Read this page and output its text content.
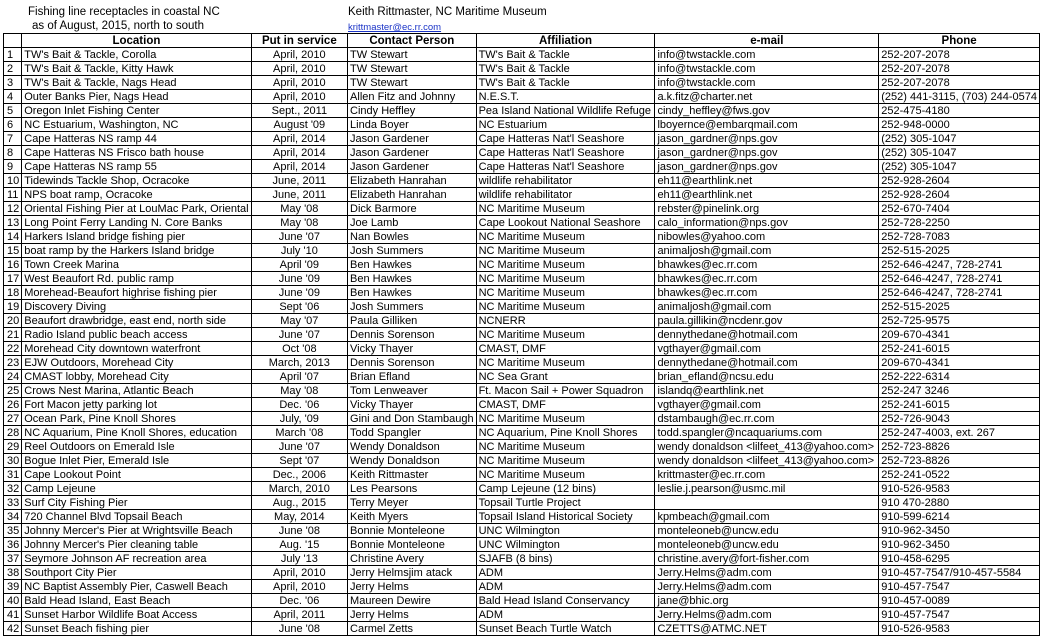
Fishing line receptacles in coastal NC
as of August, 2015, north to south
Keith Rittmaster, NC Maritime Museum
krittmaster@ec.rr.com
	Location	Put in service	Contact Person	Affiliation	e-mail	Phone
1	TW's Bait & Tackle, Corolla	April, 2010	TW Stewart	TW's Bait & Tackle	info@twstackle.com	252-207-2078
2	TW's Bait & Tackle, Kitty Hawk	April, 2010	TW Stewart	TW's Bait & Tackle	info@twstackle.com	252-207-2078
3	TW's Bait & Tackle, Nags Head	April, 2010	TW Stewart	TW's Bait & Tackle	info@twstackle.com	252-207-2078
4	Outer Banks Pier, Nags Head	April, 2010	Allen Fitz and Johnny	N.E.S.T.	a.k.fitz@charter.net	(252) 441-3115, (703) 244-0574
5	Oregon Inlet Fishing Center	Sept., 2011	Cindy Heffley	Pea Island National Wildlife Refuge	cindy_heffley@fws.gov	252-475-4180
6	NC Estuarium, Washington, NC	August '09	Linda Boyer	NC Estuarium	lboyernce@embarqmail.com	252-948-0000
7	Cape Hatteras NS ramp 44	April, 2014	Jason Gardener	Cape Hatteras Nat'l Seashore	jason_gardner@nps.gov	(252) 305-1047
8	Cape Hatteras NS Frisco bath house	April, 2014	Jason Gardener	Cape Hatteras Nat'l Seashore	jason_gardner@nps.gov	(252) 305-1047
9	Cape Hatteras NS ramp 55	April, 2014	Jason Gardener	Cape Hatteras Nat'l Seashore	jason_gardner@nps.gov	(252) 305-1047
10	Tidewinds Tackle Shop, Ocracoke	June, 2011	Elizabeth Hanrahan	wildlife rehabilitator	eh11@earthlink.net	252-928-2604
11	NPS boat ramp, Ocracoke	June, 2011	Elizabeth Hanrahan	wildlife rehabilitator	eh11@earthlink.net	252-928-2604
12	Oriental Fishing Pier at LouMac Park, Oriental	May '08	Dick Barmore	NC Maritime Museum	rebster@pinelink.org	252-670-7404
13	Long Point Ferry Landing N. Core Banks	May '08	Joe Lamb	Cape Lookout National Seashore	calo_information@nps.gov	252-728-2250
14	Harkers Island bridge fishing pier	June '07	Nan Bowles	NC Maritime Museum	nibowles@yahoo.com	252-728-7083
15	boat ramp by the Harkers Island bridge	July '10	Josh Summers	NC Maritime Museum	animaljosh@gmail.com	252-515-2025
16	Town Creek Marina	April '09	Ben Hawkes	NC Maritime Museum	bhawkes@ec.rr.com	252-646-4247, 728-2741
17	West Beaufort Rd. public ramp	June '09	Ben Hawkes	NC Maritime Museum	bhawkes@ec.rr.com	252-646-4247, 728-2741
18	Morehead-Beaufort highrise fishing pier	June '09	Ben Hawkes	NC Maritime Museum	bhawkes@ec.rr.com	252-646-4247, 728-2741
19	Discovery Diving	Sept '06	Josh Summers	NC Maritime Museum	animaljosh@gmail.com	252-515-2025
20	Beaufort drawbridge, east end, north side	May '07	Paula Gilliken	NCNERR	paula.gillikin@ncdenr.gov	252-725-9575
21	Radio Island public beach access	June '07	Dennis Sorenson	NC Maritime Museum	dennythedane@hotmail.com	209-670-4341
22	Morehead City downtown waterfront	Oct '08	Vicky Thayer	CMAST, DMF	vgthayer@gmail.com	252-241-6015
23	EJW Outdoors, Morehead City	March, 2013	Dennis Sorenson	NC Maritime Museum	dennythedane@hotmail.com	209-670-4341
24	CMAST lobby, Morehead City	April '07	Brian Efland	NC Sea Grant	brian_efland@ncsu.edu	252-222-6314
25	Crows Nest Marina, Atlantic Beach	May '08	Tom Lenweaver	Ft. Macon Sail + Power Squadron	islandq@earthlink.net	252-247 3246
26	Fort Macon jetty parking lot	Dec. '06	Vicky Thayer	CMAST, DMF	vgthayer@gmail.com	252-241-6015
27	Ocean Park, Pine Knoll Shores	July, '09	Gini and Don Stambaugh	NC Maritime Museum	dstambaugh@ec.rr.com	252-726-9043
28	NC Aquarium, Pine Knoll Shores, education	March '08	Todd Spangler	NC Aquarium, Pine Knoll Shores	todd.spangler@ncaquariums.com	252-247-4003, ext. 267
29	Reel Outdoors on Emerald Isle	June '07	Wendy Donaldson	NC Maritime Museum	wendy donaldson <lilfeet_413@yahoo.com>	252-723-8826
30	Bogue Inlet Pier, Emerald Isle	Sept '07	Wendy Donaldson	NC Maritime Museum	wendy donaldson <lilfeet_413@yahoo.com>	252-723-8826
31	Cape Lookout Point	Dec., 2006	Keith Rittmaster	NC Maritime Museum	krittmaster@ec.rr.com	252-241-0522
32	Camp Lejeune	March, 2010	Les Pearsons	Camp Lejeune (12 bins)	leslie.j.pearson@usmc.mil	910-526-9583
33	Surf City Fishing Pier	Aug., 2015	Terry Meyer	Topsail Turtle Project		910 470-2880
34	720 Channel Blvd Topsail Beach	May, 2014	Keith Myers	Topsail Island Historical Society	kpmbeach@gmail.com	910-599-6214
35	Johnny Mercer's Pier at Wrightsville Beach	June '08	Bonnie Monteleone	UNC Wilmington	monteleoneb@uncw.edu	910-962-3450
36	Johnny Mercer's Pier cleaning table	Aug. '15	Bonnie Monteleone	UNC Wilmington	monteleoneb@uncw.edu	910-962-3450
37	Seymore Johnson AF recreation area	July '13	Christine Avery	SJAFB (8 bins)	christine.avery@fort-fisher.com	910-458-6295
38	Southport City Pier	April, 2010	Jerry Helmsjim atack	ADM	Jerry.Helms@adm.com	910-457-7547/910-457-5584
39	NC Baptist Assembly Pier, Caswell Beach	April, 2010	Jerry Helms	ADM	Jerry.Helms@adm.com	910-457-7547
40	Bald Head Island, East Beach	Dec. '06	Maureen Dewire	Bald Head Island Conservancy	jane@bhic.org	910-457-0089
41	Sunset Harbor Wildlife Boat Access	April, 2011	Jerry Helms	ADM	Jerry.Helms@adm.com	910-457-7547
42	Sunset Beach fishing pier	June '08	Carmel Zetts	Sunset Beach Turtle Watch	CZETTS@ATMC.NET	910-526-9583
